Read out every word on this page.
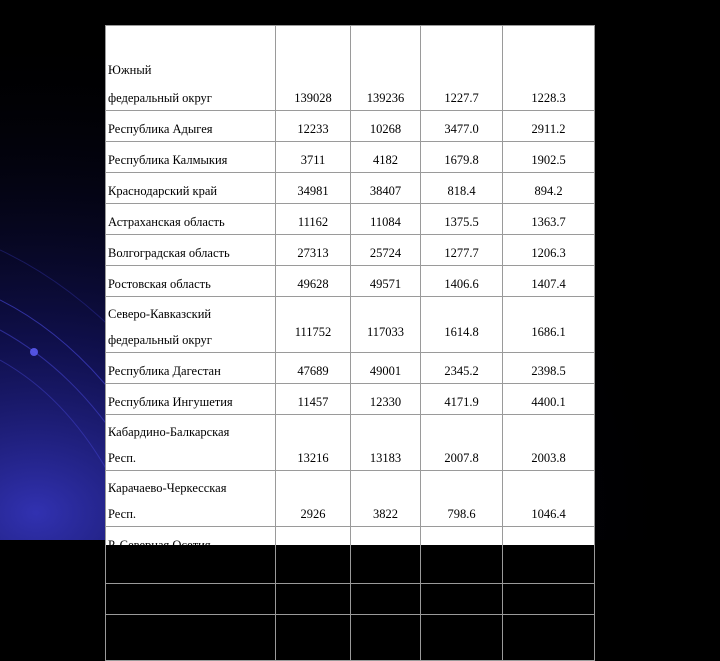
Южный
федеральный округ	139028	139236	1227.7	1228.3

Республика Адыгея	12233	10268	3477.0	2911.2

Республика Калмыкия	3711	4182	1679.8	1902.5

Краснодарский край	34981	38407	818.4	894.2

Астраханская область	11162	11084	1375.5	1363.7

Волгоградская область	27313	25724	1277.7	1206.3

Ростовская область	49628	49571	1406.6	1407.4

Северо-Кавказский
федеральный округ	111752	117033	1614.8	1686.1

Республика Дагестан	47689	49001	2345.2	2398.5

Республика Ингушетия	11457	12330	4171.9	4400.1

Кабардино-Балкарская
Респ.	13216	13183	2007.8	2003.8

Карачаево-Черкесская
Респ.	2926	3822	798.6	1046.4

Р. Северная Осетия -
Алания	6134	5595	1113.9	1019.4

Чеченская Республика	6771	8210	842.6	1013.8

Ставропольский край	23559	24 892	1054.7	1113.1
